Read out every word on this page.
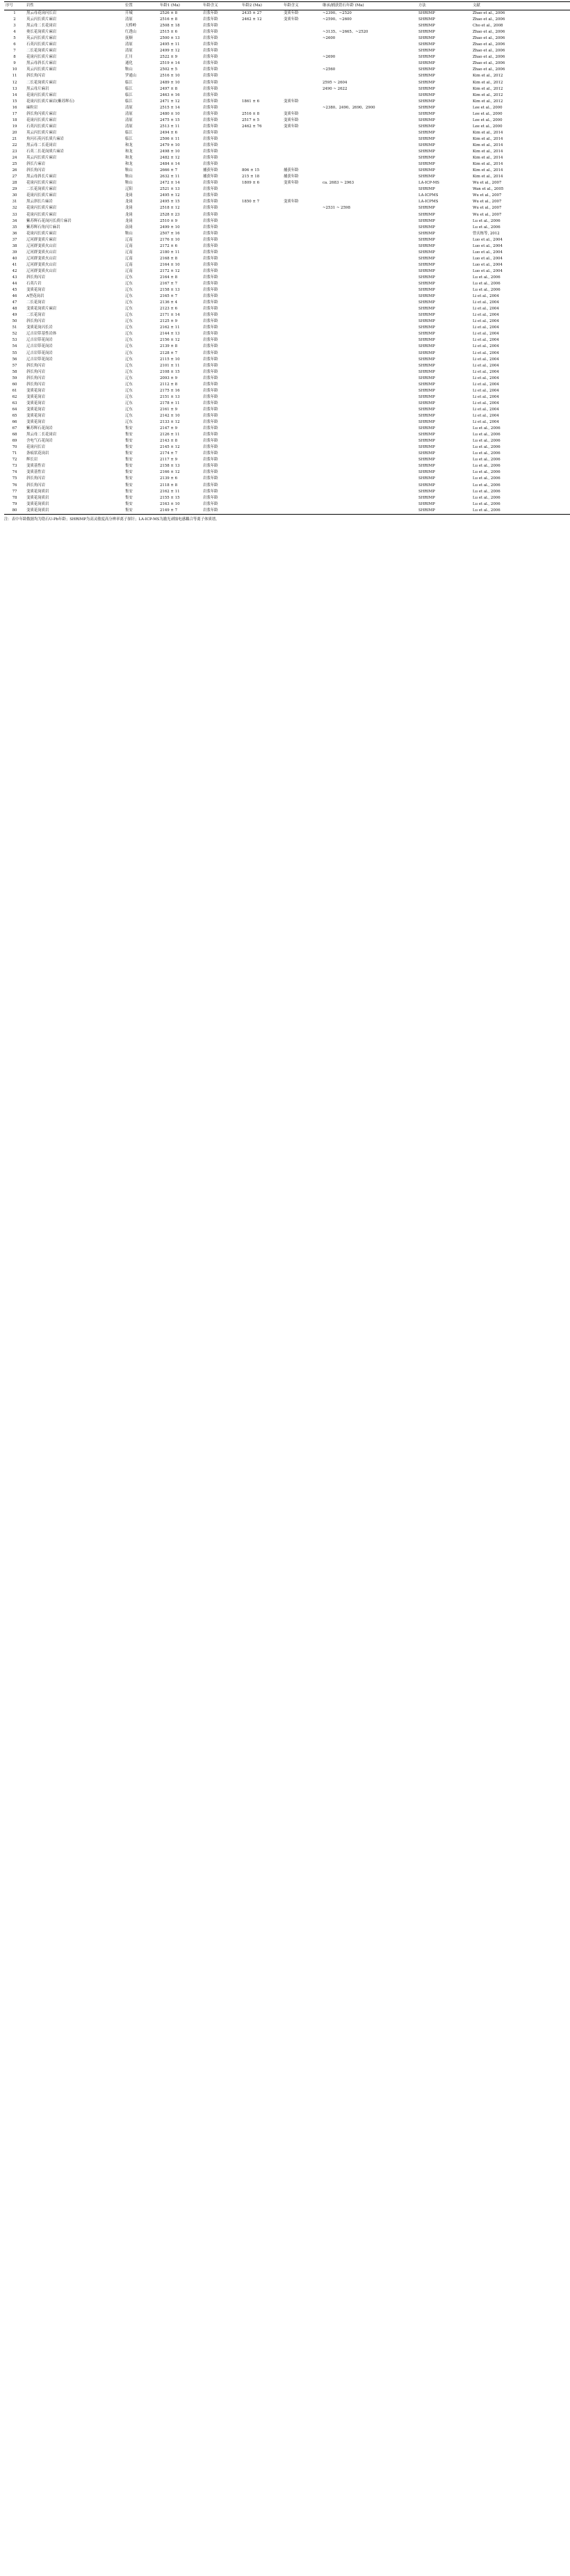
序号	岩性	位置	年龄1 (Ma)	年龄含义	年龄2 (Ma)	年龄含义	继承/捕获锆石年龄 (Ma)	方法	文献
1	黑云母花岗闪长岩	开城	2526 ± 8	岩浆年龄	2435 ± 27	变质年龄	~2390、~2520	SHRIMP	Zhao et al., 2006
2	英云闪长质片麻岩	清原	2516 ± 8	岩浆年龄	2462 ± 12	变质年龄	~2590、~2600	SHRIMP	Zhao et al., 2006
3	黑云母二长花岗岩	天桥岭	2508 ± 18	岩浆年龄				SHRIMP	Cho et al., 2008
4	奥长花岗质片麻岩	红透山	2515 ± 6	岩浆年龄			~3135、~2665、~2520	SHRIMP	Zhao et al., 2006
5	英云闪长质片麻岩	抚顺	2500 ± 13	岩浆年龄			~2600	SHRIMP	Zhao et al., 2006
6	石英闪长质片麻岩	清原	2495 ± 11	岩浆年龄				SHRIMP	Zhao et al., 2006
7	二长花岗质片麻岩	清原	2499 ± 12	岩浆年龄				SHRIMP	Zhao et al., 2006
8	花岗闪长质片麻岩	汇川	2522 ± 9	岩浆年龄			~2690	SHRIMP	Zhao et al., 2006
9	黑云母斜长片麻岩	通化	2519 ± 14	岩浆年龄				SHRIMP	Zhao et al., 2006
10	英云闪长质片麻岩	鞍山	2502 ± 5	岩浆年龄			~2560	SHRIMP	Zhao et al., 2006
11	斜长角闪岩	罗通山	2516 ± 10	岩浆年龄				SHRIMP	Kim et al., 2012
12	二长花岗质片麻岩	临江	2489 ± 10	岩浆年龄			2595 ~ 2604	SHRIMP	Kim et al., 2012
13	黑云母片麻岩	临江	2497 ± 8	岩浆年龄			2490 ~ 2622	SHRIMP	Kim et al., 2012
14	花岗闪长质片麻岩	临江	2463 ± 16	岩浆年龄				SHRIMP	Kim et al., 2012
15	花岗闪长质片麻岩(紫苏辉石)	临江	2471 ± 12	岩浆年龄	1861 ± 6	变质年龄		SHRIMP	Kim et al., 2012
16	麻粒岩	清原	2515 ± 14	岩浆年龄			~2380、2490、2690、2900	SHRIMP	Lee et al., 2000
17	斜长角闪质片麻岩	清原	2480 ± 10	岩浆年龄	2516 ± 8	变质年龄		SHRIMP	Lee et al., 2000
18	花岗闪长质片麻岩	清原	2475 ± 15	岩浆年龄	2517 ± 5	变质年龄		SHRIMP	Lee et al., 2000
19	石英闪长质片麻岩	清原	2513 ± 11	岩浆年龄	2462 ± 76	变质年龄		SHRIMP	Lee et al., 2000
20	英云闪长质片麻岩	临江	2494 ± 6	岩浆年龄				SHRIMP	Kim et al., 2014
21	角闪石英闪长质片麻岩	临江	2506 ± 11	岩浆年龄				SHRIMP	Kim et al., 2014
22	黑云母二长花岗岩	和龙	2479 ± 10	岩浆年龄				SHRIMP	Kim et al., 2014
23	石英二长花岗质片麻岩	和龙	2498 ± 10	岩浆年龄				SHRIMP	Kim et al., 2014
24	英云闪长质片麻岩	和龙	2482 ± 12	岩浆年龄				SHRIMP	Kim et al., 2014
25	斜长片麻岩	和龙	2484 ± 14	岩浆年龄				SHRIMP	Kim et al., 2014
26	斜长角闪岩	鞍山	2666 ± 7	捕获年龄	806 ± 15	捕获年龄		SHRIMP	Kim et al., 2014
27	黑云母斜长片麻岩	鞍山	2632 ± 11	捕获年龄	215 ± 18	捕获年龄		SHRIMP	Kim et al., 2014
28	花岗闪长质片麻岩	鞍山	2472 ± 14	岩浆年龄	1809 ± 6	变质年龄	ca. 2683 ~ 2963	LA-ICP-MS	Wu et al., 2007
29	二长花岗质片麻岩	辽阳	2521 ± 13	岩浆年龄				SHRIMP	Wan et al., 2005
30	花岗闪长质片麻岩	龙岗	2495 ± 12	岩浆年龄				LA-ICPMS	Wu et al., 2007
31	黑云斜长片麻岩	龙岗	2495 ± 15	岩浆年龄	1850 ± 7	变质年龄		LA-ICPMS	Wu et al., 2007
32	花岗闪长质片麻岩	龙岗	2518 ± 12	岩浆年龄			~2531 ~ 2598	SHRIMP	Wu et al., 2007
33	花岗闪长质片麻岩	龙岗	2528 ± 23	岩浆年龄				SHRIMP	Wu et al., 2007
34	紫苏辉石花岗闪长质片麻岩	龙岗	2510 ± 9	岩浆年龄				SHRIMP	Lu et al., 2006
35	紫苏辉石角闪片麻岩	南岗	2499 ± 10	岩浆年龄				SHRIMP	Lu et al., 2006
36	花岗闪长质片麻岩	鞍山	2507 ± 16	岩浆年龄				SHRIMP	曾庆栋等, 2012
37	辽河群变质片麻岩	辽南	2176 ± 10	岩浆年龄				SHRIMP	Luo et al., 2004
38	辽河群变质火山岩	辽南	2172 ± 6	岩浆年龄				SHRIMP	Luo et al., 2004
39	辽河群变质火山岩	辽南	2180 ± 11	岩浆年龄				SHRIMP	Luo et al., 2004
40	辽河群变质火山岩	辽南	2168 ± 8	岩浆年龄				SHRIMP	Luo et al., 2004
41	辽河群变质火山岩	辽南	2164 ± 10	岩浆年龄				SHRIMP	Luo et al., 2004
42	辽河群变质火山岩	辽南	2172 ± 12	岩浆年龄				SHRIMP	Luo et al., 2004
43	斜长角闪岩	辽东	2164 ± 8	岩浆年龄				SHRIMP	Lu et al., 2006
44	石英片岩	辽东	2167 ± 7	岩浆年龄				SHRIMP	Lu et al., 2006
45	变质花岗岩	辽东	2158 ± 13	岩浆年龄				SHRIMP	Lu et al., 2006
46	A型花岗岩	辽东	2165 ± 7	岩浆年龄				SHRIMP	Li et al., 2004
47	二长花岗岩	辽东	2136 ± 4	岩浆年龄				SHRIMP	Li et al., 2004
48	变质花岗质片麻岩	辽东	2123 ± 6	岩浆年龄				SHRIMP	Li et al., 2004
49	二长花岗岩	辽东	2171 ± 14	岩浆年龄				SHRIMP	Li et al., 2004
50	斜长角闪岩	辽东	2125 ± 9	岩浆年龄				SHRIMP	Li et al., 2004
51	变质花岗闪长岩	辽东	2162 ± 11	岩浆年龄				SHRIMP	Li et al., 2004
52	辽吉岩带基性岩体	辽东	2144 ± 13	岩浆年龄				SHRIMP	Li et al., 2004
53	辽吉岩带花岗岩	辽东	2156 ± 12	岩浆年龄				SHRIMP	Li et al., 2004
54	辽吉岩带花岗岩	辽东	2139 ± 8	岩浆年龄				SHRIMP	Li et al., 2004
55	辽吉岩带花岗岩	辽东	2128 ± 7	岩浆年龄				SHRIMP	Li et al., 2004
56	辽吉岩带花岗岩	辽东	2115 ± 10	岩浆年龄				SHRIMP	Li et al., 2004
57	斜长角闪岩	辽东	2101 ± 11	岩浆年龄				SHRIMP	Li et al., 2004
58	斜长角闪岩	辽东	2108 ± 15	岩浆年龄				SHRIMP	Li et al., 2004
59	斜长角闪岩	辽东	2093 ± 9	岩浆年龄				SHRIMP	Li et al., 2004
60	斜长角闪岩	辽东	2112 ± 8	岩浆年龄				SHRIMP	Li et al., 2004
61	变质花岗岩	辽东	2175 ± 16	岩浆年龄				SHRIMP	Li et al., 2004
62	变质花岗岩	辽东	2151 ± 13	岩浆年龄				SHRIMP	Li et al., 2004
63	变质花岗岩	辽东	2178 ± 11	岩浆年龄				SHRIMP	Li et al., 2004
64	变质花岗岩	辽东	2161 ± 9	岩浆年龄				SHRIMP	Li et al., 2004
65	变质花岗岩	辽东	2142 ± 10	岩浆年龄				SHRIMP	Li et al., 2004
66	变质花岗岩	辽东	2133 ± 12	岩浆年龄				SHRIMP	Li et al., 2004
67	紫苏辉石花岗岩	集安	2147 ± 9	岩浆年龄				SHRIMP	Lu et al., 2006
68	黑云母二长花岗岩	集安	2126 ± 11	岩浆年龄				SHRIMP	Lu et al., 2006
69	含电气石花岗岩	集安	2143 ± 8	岩浆年龄				SHRIMP	Lu et al., 2006
70	花岗闪长岩	集安	2145 ± 12	岩浆年龄				SHRIMP	Lu et al., 2006
71	条痕状花岗岩	集安	2174 ± 7	岩浆年龄				SHRIMP	Lu et al., 2006
72	辉长岩	集安	2117 ± 9	岩浆年龄				SHRIMP	Lu et al., 2006
73	变质基性岩	集安	2158 ± 13	岩浆年龄				SHRIMP	Lu et al., 2006
74	变质基性岩	集安	2166 ± 12	岩浆年龄				SHRIMP	Lu et al., 2006
75	斜长角闪岩	集安	2139 ± 6	岩浆年龄				SHRIMP	Lu et al., 2006
76	斜长角闪岩	集安	2118 ± 8	岩浆年龄				SHRIMP	Lu et al., 2006
77	变质花岗质岩	集安	2162 ± 11	岩浆年龄				SHRIMP	Lu et al., 2006
78	变质花岗质岩	集安	2155 ± 15	岩浆年龄				SHRIMP	Lu et al., 2006
79	变质花岗质岩	集安	2163 ± 10	岩浆年龄				SHRIMP	Lu et al., 2006
80	变质花岗质岩	集安	2149 ± 7	岩浆年龄				SHRIMP	Lu et al., 2006
注：表中年龄数据均为锆石U-Pb年龄；SHRIMP为高灵敏度高分辨率离子探针；LA-ICP-MS为激光剥蚀电感耦合等离子体质谱。
